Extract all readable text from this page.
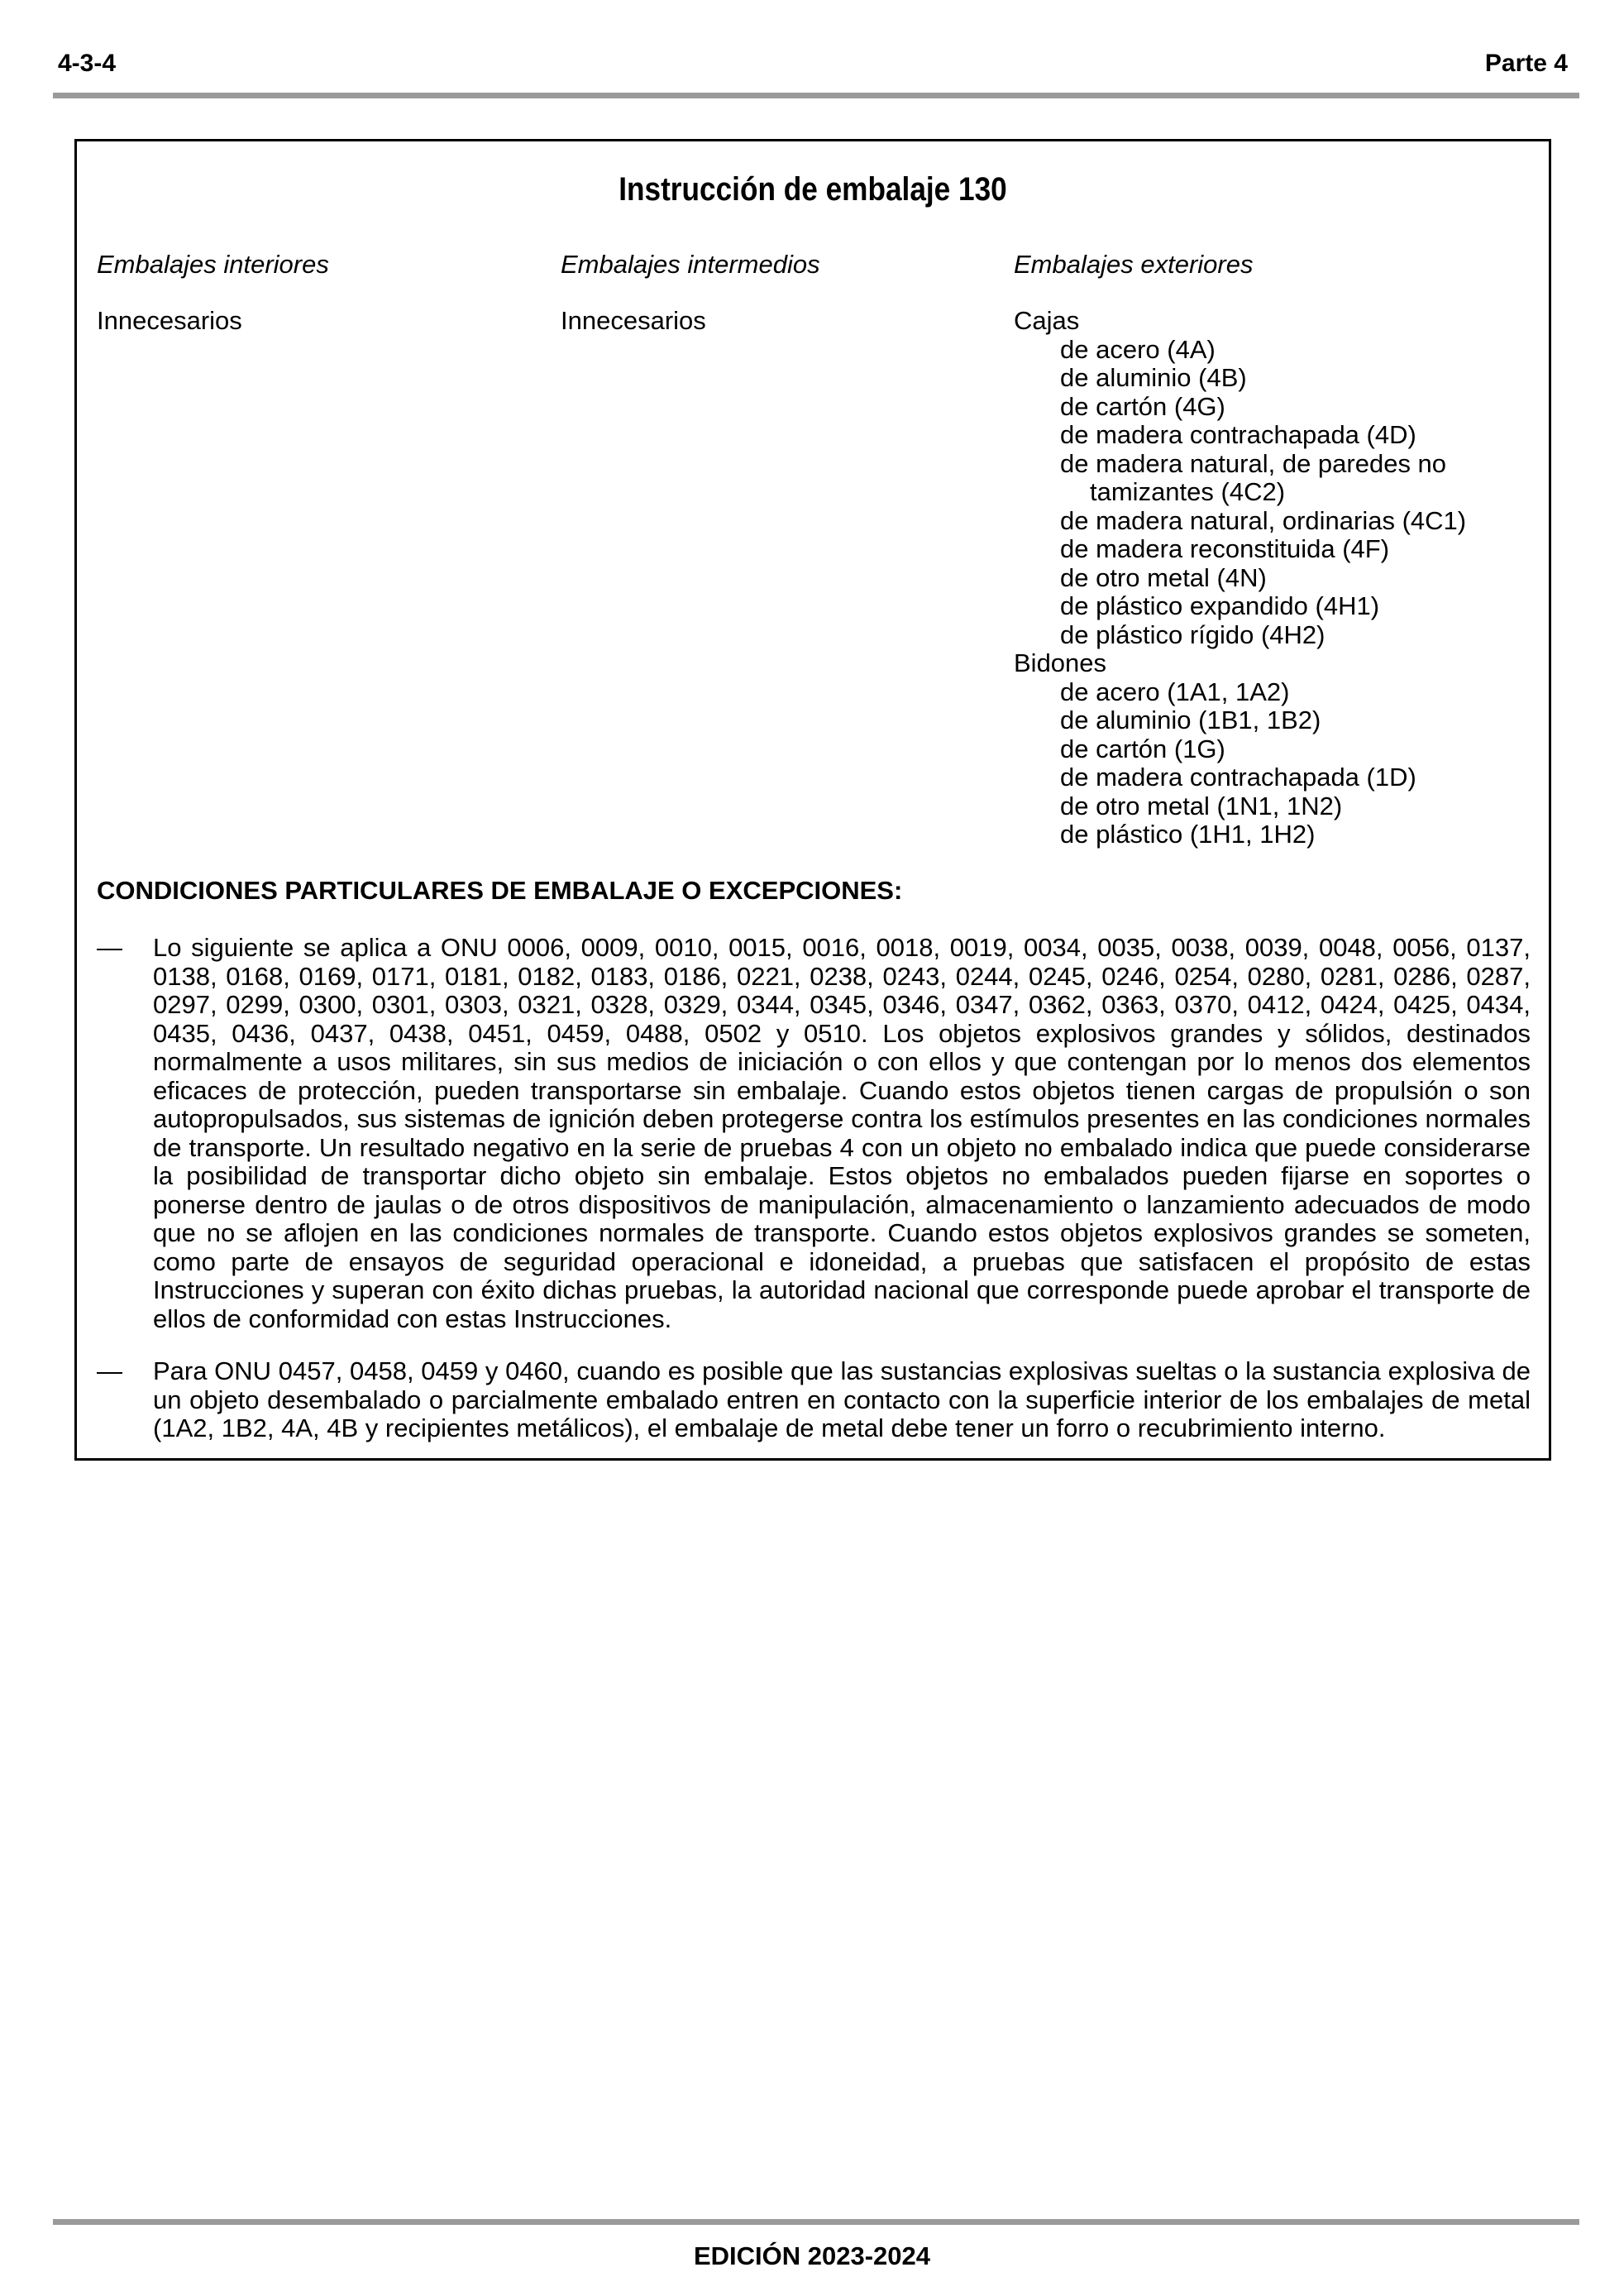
4-3-4	Parte 4
Instrucción de embalaje 130
Embalajes interiores	Embalajes intermedios	Embalajes exteriores
Innecesarios	Innecesarios	Cajas
de acero (4A)
de aluminio (4B)
de cartón (4G)
de madera contrachapada (4D)
de madera natural, de paredes no
tamizantes (4C2)
de madera natural, ordinarias (4C1)
de madera reconstituida (4F)
de otro metal (4N)
de plástico expandido (4H1)
de plástico rígido (4H2)
Bidones
de acero (1A1, 1A2)
de aluminio (1B1, 1B2)
de cartón (1G)
de madera contrachapada (1D)
de otro metal (1N1, 1N2)
de plástico (1H1, 1H2)
CONDICIONES PARTICULARES DE EMBALAJE O EXCEPCIONES:
— Lo siguiente se aplica a ONU 0006, 0009, 0010, 0015, 0016, 0018, 0019, 0034, 0035, 0038, 0039, 0048, 0056, 0137, 0138, 0168, 0169, 0171, 0181, 0182, 0183, 0186, 0221, 0238, 0243, 0244, 0245, 0246, 0254, 0280, 0281, 0286, 0287, 0297, 0299, 0300, 0301, 0303, 0321, 0328, 0329, 0344, 0345, 0346, 0347, 0362, 0363, 0370, 0412, 0424, 0425, 0434, 0435, 0436, 0437, 0438, 0451, 0459, 0488, 0502 y 0510. Los objetos explosivos grandes y sólidos, destinados normalmente a usos militares, sin sus medios de iniciación o con ellos y que contengan por lo menos dos elementos eficaces de protección, pueden transportarse sin embalaje. Cuando estos objetos tienen cargas de propulsión o son autopropulsados, sus sistemas de ignición deben protegerse contra los estímulos presentes en las condiciones normales de transporte. Un resultado negativo en la serie de pruebas 4 con un objeto no embalado indica que puede considerarse la posibilidad de transportar dicho objeto sin embalaje. Estos objetos no embalados pueden fijarse en soportes o ponerse dentro de jaulas o de otros dispositivos de manipulación, almacenamiento o lanzamiento adecuados de modo que no se aflojen en las condiciones normales de transporte. Cuando estos objetos explosivos grandes se someten, como parte de ensayos de seguridad operacional e idoneidad, a pruebas que satisfacen el propósito de estas Instrucciones y superan con éxito dichas pruebas, la autoridad nacional que corresponde puede aprobar el transporte de ellos de conformidad con estas Instrucciones.
— Para ONU 0457, 0458, 0459 y 0460, cuando es posible que las sustancias explosivas sueltas o la sustancia explosiva de un objeto desembalado o parcialmente embalado entren en contacto con la superficie interior de los embalajes de metal (1A2, 1B2, 4A, 4B y recipientes metálicos), el embalaje de metal debe tener un forro o recubrimiento interno.
EDICIÓN 2023-2024
